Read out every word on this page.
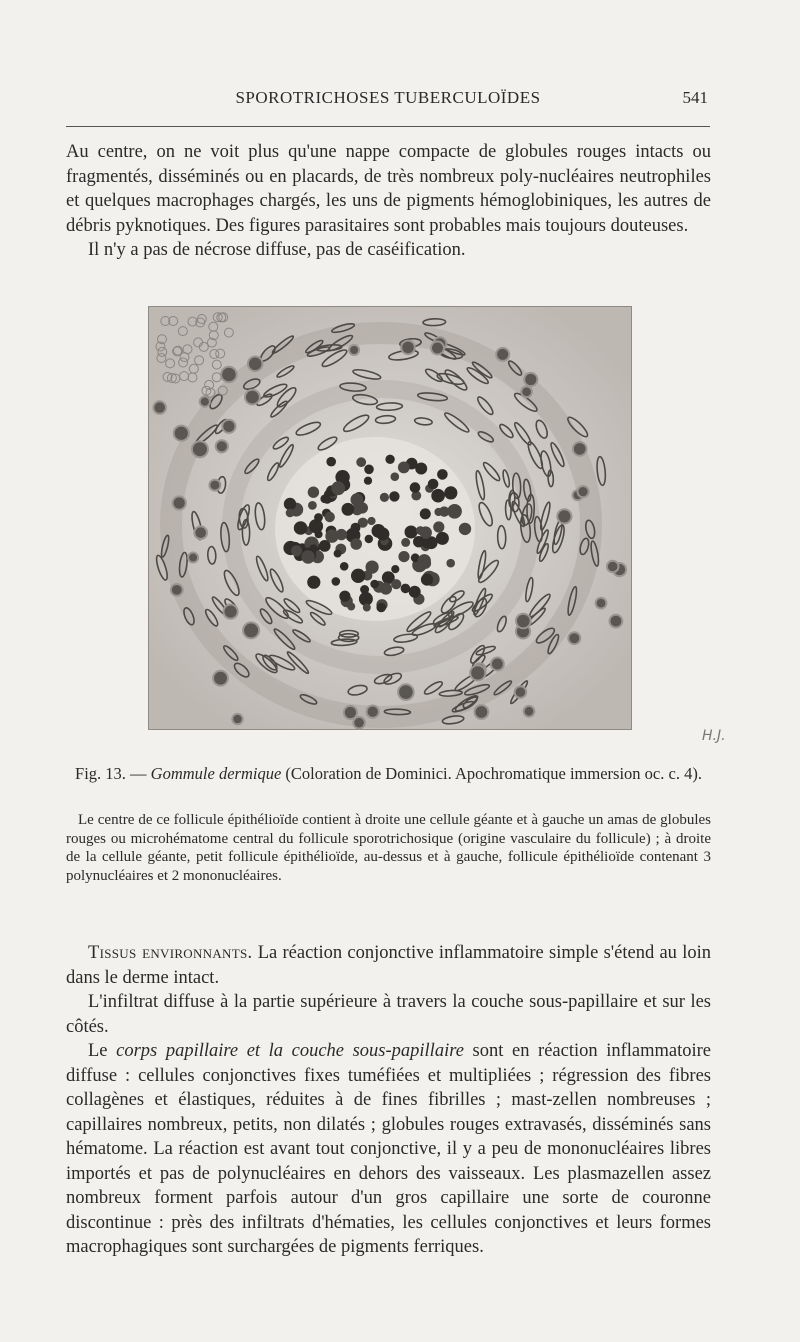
SPOROTRICHOSES TUBERCULOÏDES	541

Au centre, on ne voit plus qu'une nappe compacte de globules rouges intacts ou fragmentés, disséminés ou en placards, de très nombreux poly-nucléaires neutrophiles et quelques macrophages chargés, les uns de pigments hémoglobiniques, les autres de débris pyknotiques. Des figures parasitaires sont probables mais toujours douteuses.

Il n'y a pas de nécrose diffuse, pas de caséification.

H.J.
Fig. 13. — Gommule dermique (Coloration de Dominici. Apochromatique immersion oc. c. 4).

Le centre de ce follicule épithélioïde contient à droite une cellule géante et à gauche un amas de globules rouges ou microhématome central du follicule sporotrichosique (origine vasculaire du follicule) ; à droite de la cellule géante, petit follicule épithélioïde, au-dessus et à gauche, follicule épithélioïde contenant 3 polynucléaires et 2 mononucléaires.

Tissus environnants. La réaction conjonctive inflammatoire simple s'étend au loin dans le derme intact.

L'infiltrat diffuse à la partie supérieure à travers la couche sous-papillaire et sur les côtés.

Le corps papillaire et la couche sous-papillaire sont en réaction inflammatoire diffuse : cellules conjonctives fixes tuméfiées et multipliées ; régression des fibres collagènes et élastiques, réduites à de fines fibrilles ; mast-zellen nombreuses ; capillaires nombreux, petits, non dilatés ; globules rouges extravasés, disséminés sans hématome. La réaction est avant tout conjonctive, il y a peu de mononucléaires libres importés et pas de polynucléaires en dehors des vaisseaux. Les plasmazellen assez nombreux forment parfois autour d'un gros capillaire une sorte de couronne discontinue : près des infiltrats d'hématies, les cellules conjonctives et leurs formes macrophagiques sont surchargées de pigments ferriques.
